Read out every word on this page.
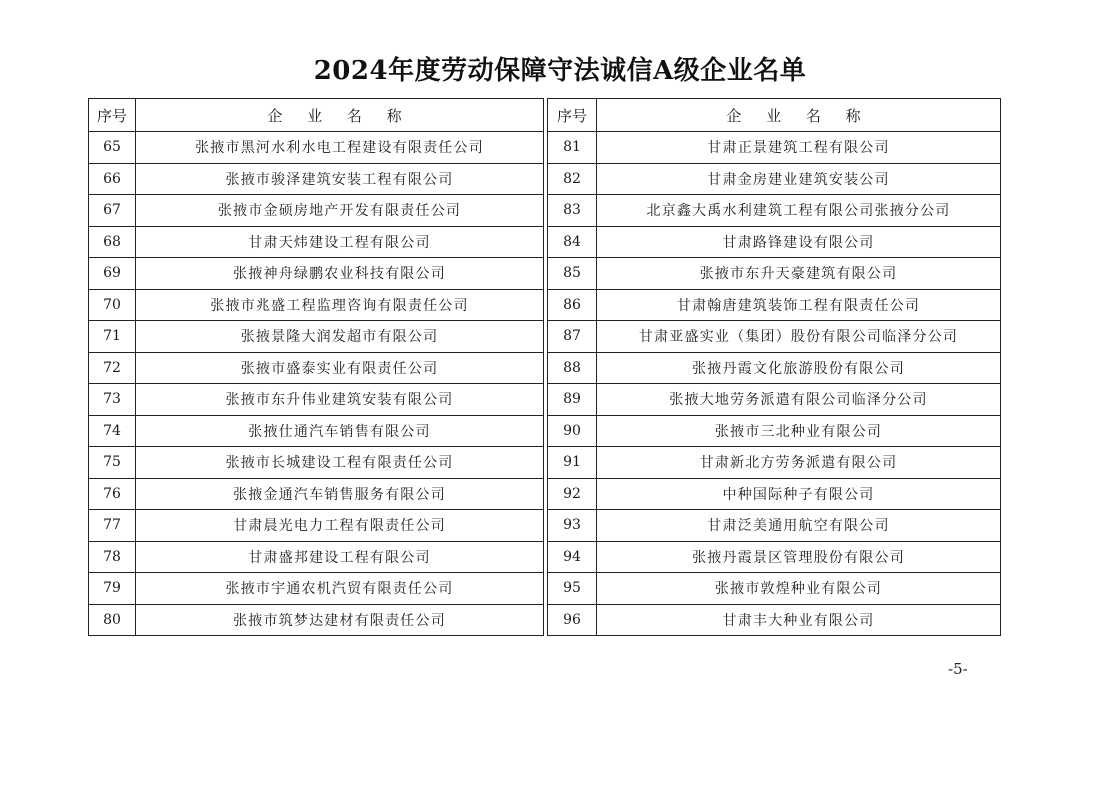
2024年度劳动保障守法诚信A级企业名单
序号	企 业 名 称		序号	企 业 名 称
65	张掖市黑河水利水电工程建设有限责任公司		81	甘肃正景建筑工程有限公司
66	张掖市骏泽建筑安装工程有限公司		82	甘肃金房建业建筑安装公司
67	张掖市金硕房地产开发有限责任公司		83	北京鑫大禹水利建筑工程有限公司张掖分公司
68	甘肃天炜建设工程有限公司		84	甘肃路锋建设有限公司
69	张掖神舟绿鹏农业科技有限公司		85	张掖市东升天豪建筑有限公司
70	张掖市兆盛工程监理咨询有限责任公司		86	甘肃翰唐建筑装饰工程有限责任公司
71	张掖景隆大润发超市有限公司		87	甘肃亚盛实业（集团）股份有限公司临泽分公司
72	张掖市盛泰实业有限责任公司		88	张掖丹霞文化旅游股份有限公司
73	张掖市东升伟业建筑安装有限公司		89	张掖大地劳务派遣有限公司临泽分公司
74	张掖仕通汽车销售有限公司		90	张掖市三北种业有限公司
75	张掖市长城建设工程有限责任公司		91	甘肃新北方劳务派遣有限公司
76	张掖金通汽车销售服务有限公司		92	中种国际种子有限公司
77	甘肃晨光电力工程有限责任公司		93	甘肃泛美通用航空有限公司
78	甘肃盛邦建设工程有限公司		94	张掖丹霞景区管理股份有限公司
79	张掖市宇通农机汽贸有限责任公司		95	张掖市敦煌种业有限公司
80	张掖市筑梦达建材有限责任公司		96	甘肃丰大种业有限公司
-5-
